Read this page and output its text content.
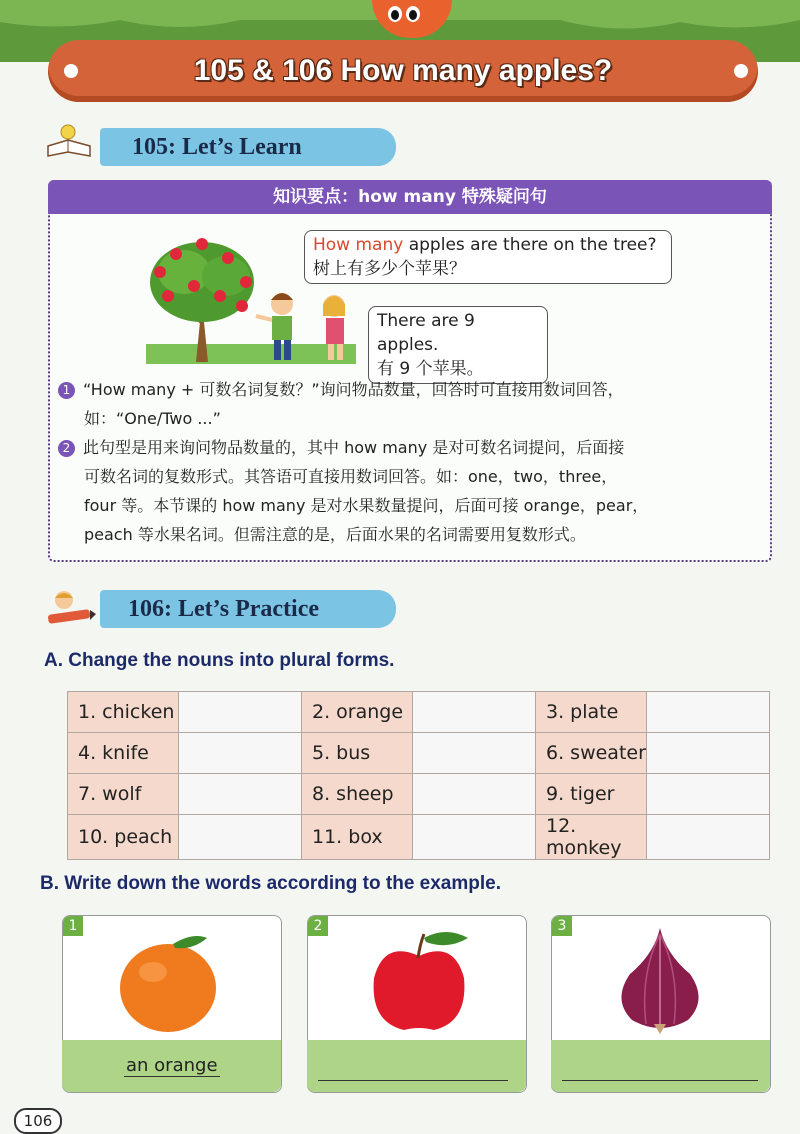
105 & 106 How many apples?
105: Let’s Learn
知识要点：how many 特殊疑问句
How many apples are there on the tree?
树上有多少个苹果？
There are 9 apples.
有 9 个苹果。
1 “How many + 可数名词复数？”询问物品数量，回答时可直接用数词回答，
如：“One/Two ...”
2 此句型是用来询问物品数量的，其中 how many 是对可数名词提问，后面接
可数名词的复数形式。其答语可直接用数词回答。如：one，two，three，
four 等。本节课的 how many 是对水果数量提问，后面可接 orange，pear，
peach 等水果名词。但需注意的是，后面水果的名词需要用复数形式。
106: Let’s Practice
A. Change the nouns into plural forms.
1. chicken		2. orange		3. plate	
4. knife		5. bus		6. sweater	
7. wolf		8. sheep		9. tiger	
10. peach		11. box		12. monkey	
B. Write down the words according to the example.
1
an orange
2	3
106
